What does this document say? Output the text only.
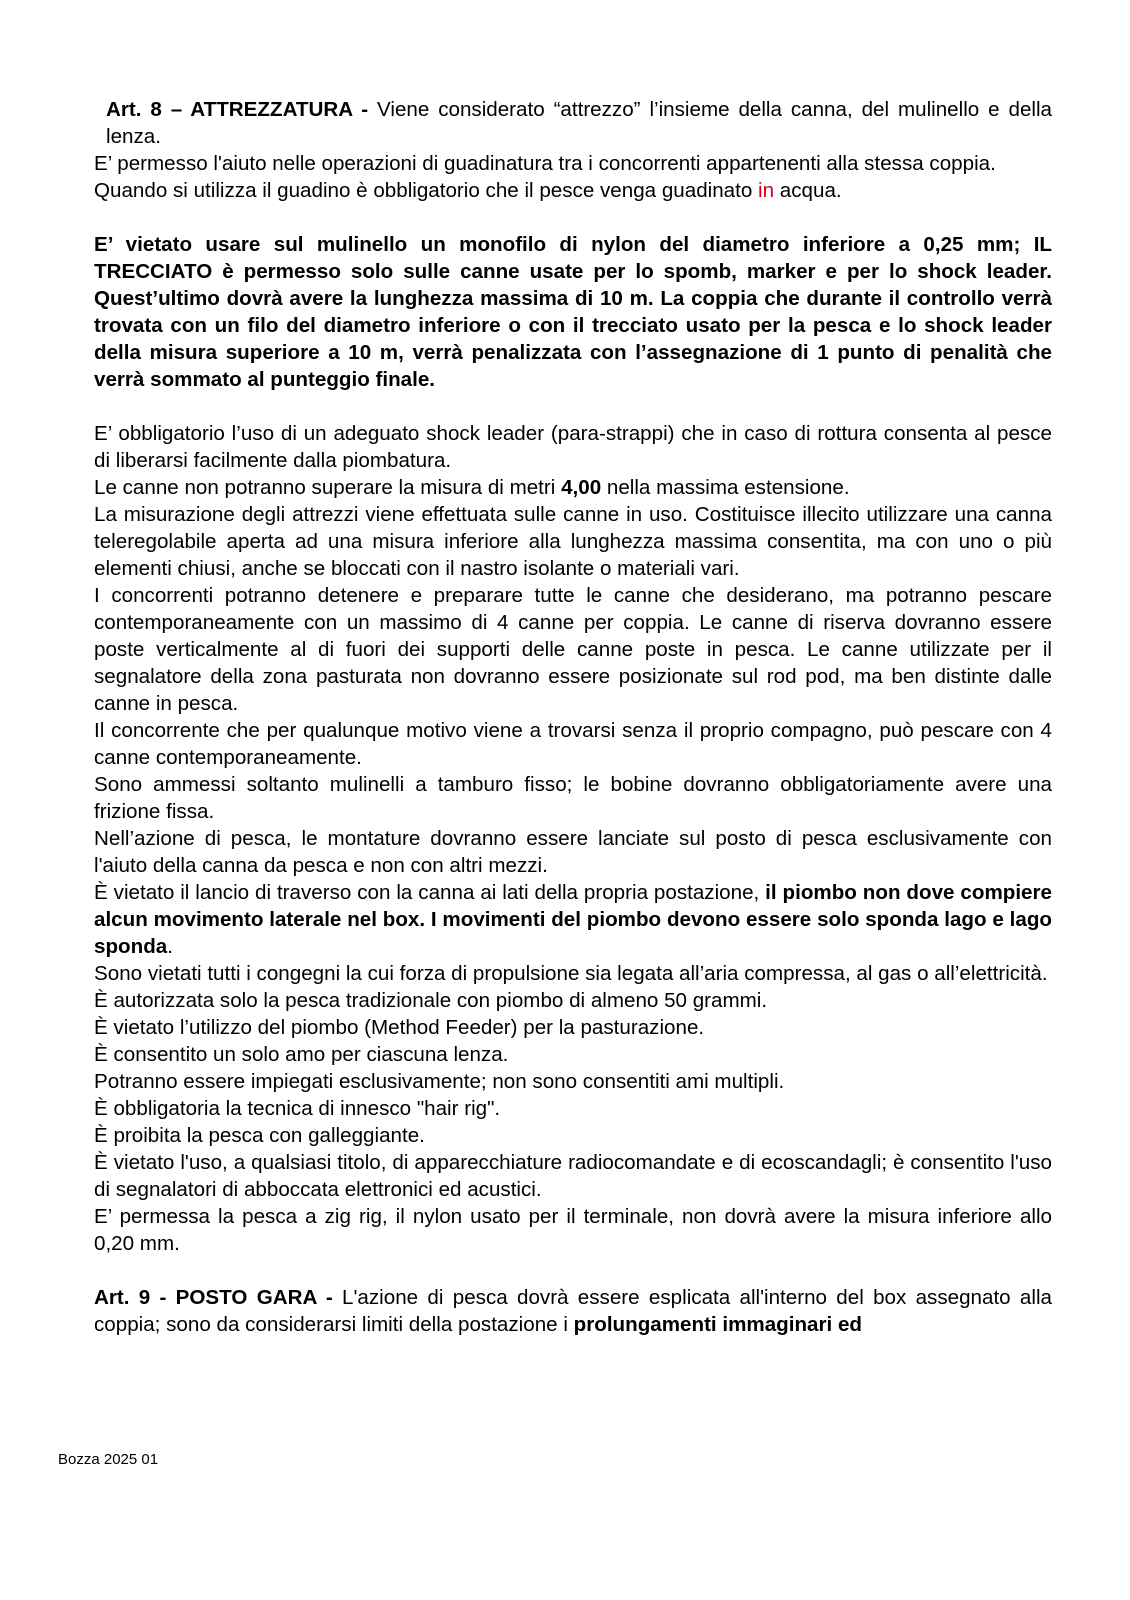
Art. 8 – ATTREZZATURA - Viene considerato “attrezzo” l’insieme della canna, del mulinello e della lenza.

E’ permesso l'aiuto nelle operazioni di guadinatura tra i concorrenti appartenenti alla stessa coppia.

Quando si utilizza il guadino è obbligatorio che il pesce venga guadinato in acqua.

E’ vietato usare sul mulinello un monofilo di nylon del diametro inferiore a 0,25 mm; IL TRECCIATO è permesso solo sulle canne usate per lo spomb, marker e per lo shock leader. Quest’ultimo dovrà avere la lunghezza massima di 10 m. La coppia che durante il controllo verrà trovata con un filo del diametro inferiore o con il trecciato usato per la pesca e lo shock leader della misura superiore a 10 m, verrà penalizzata con l’assegnazione di 1 punto di penalità che verrà sommato al punteggio finale.

E’ obbligatorio l’uso di un adeguato shock leader (para-strappi) che in caso di rottura consenta al pesce di liberarsi facilmente dalla piombatura.

Le canne non potranno superare la misura di metri 4,00 nella massima estensione.

La misurazione degli attrezzi viene effettuata sulle canne in uso. Costituisce illecito utilizzare una canna teleregolabile aperta ad una misura inferiore alla lunghezza massima consentita, ma con uno o più elementi chiusi, anche se bloccati con il nastro isolante o materiali vari.

I concorrenti potranno detenere e preparare tutte le canne che desiderano, ma potranno pescare contemporaneamente con un massimo di 4 canne per coppia. Le canne di riserva dovranno essere poste verticalmente al di fuori dei supporti delle canne poste in pesca. Le canne utilizzate per il segnalatore della zona pasturata non dovranno essere posizionate sul rod pod, ma ben distinte dalle canne in pesca.

Il concorrente che per qualunque motivo viene a trovarsi senza il proprio compagno, può pescare con 4 canne contemporaneamente.

Sono ammessi soltanto mulinelli a tamburo fisso; le bobine dovranno obbligatoriamente avere una frizione fissa.

Nell’azione di pesca, le montature dovranno essere lanciate sul posto di pesca esclusivamente con l'aiuto della canna da pesca e non con altri mezzi.

È vietato il lancio di traverso con la canna ai lati della propria postazione, il piombo non dove compiere alcun movimento laterale nel box. I movimenti del piombo devono essere solo sponda lago e lago sponda.

Sono vietati tutti i congegni la cui forza di propulsione sia legata all’aria compressa, al gas o all’elettricità.

È autorizzata solo la pesca tradizionale con piombo di almeno 50 grammi.

È vietato l’utilizzo del piombo (Method Feeder) per la pasturazione.

È consentito un solo amo per ciascuna lenza.

Potranno essere impiegati esclusivamente; non sono consentiti ami multipli.

È obbligatoria la tecnica di innesco "hair rig".

È proibita la pesca con galleggiante.

È vietato l'uso, a qualsiasi titolo, di apparecchiature radiocomandate e di ecoscandagli; è consentito l'uso di segnalatori di abboccata elettronici ed acustici.

E’ permessa la pesca a zig rig, il nylon usato per il terminale, non dovrà avere la misura inferiore allo 0,20 mm.

Art. 9 - POSTO GARA - L'azione di pesca dovrà essere esplicata all'interno del box assegnato alla coppia; sono da considerarsi limiti della postazione i prolungamenti immaginari ed

Bozza 2025 01
